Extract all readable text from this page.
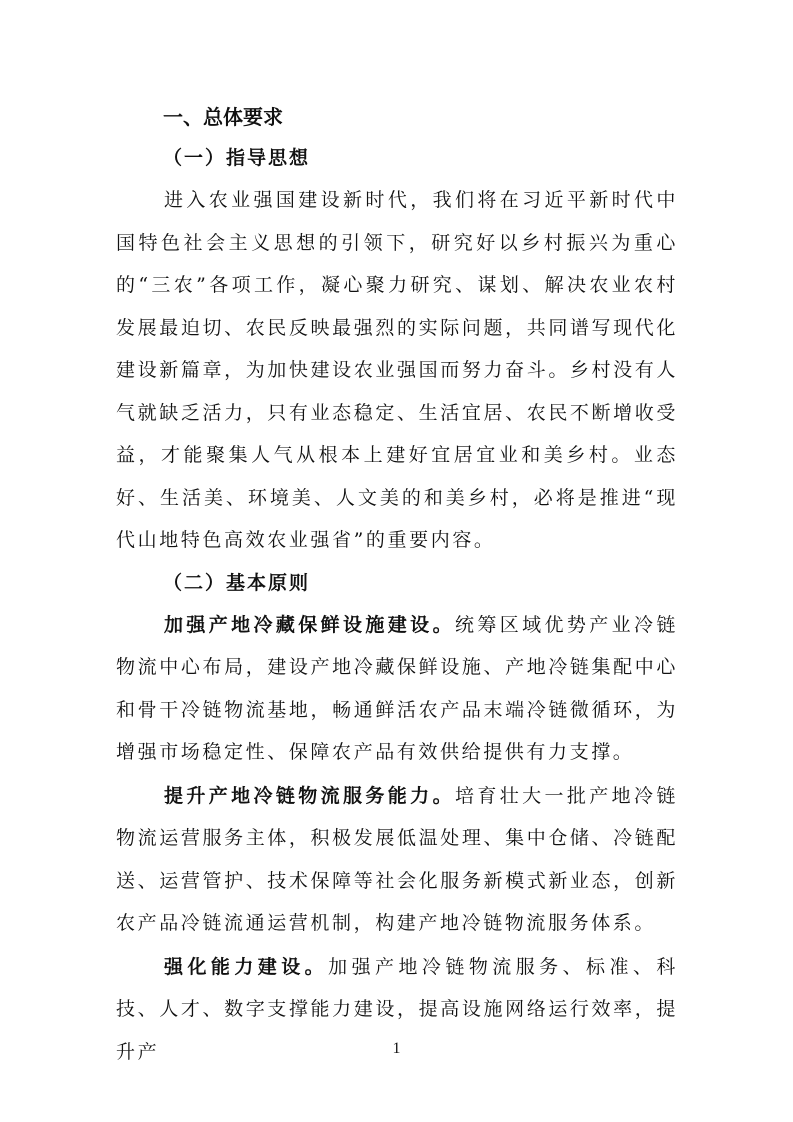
一、总体要求
（一）指导思想

进入农业强国建设新时代，我们将在习近平新时代中国特色社会主义思想的引领下，研究好以乡村振兴为重心的“三农”各项工作，凝心聚力研究、谋划、解决农业农村发展最迫切、农民反映最强烈的实际问题，共同谱写现代化建设新篇章，为加快建设农业强国而努力奋斗。乡村没有人气就缺乏活力，只有业态稳定、生活宜居、农民不断增收受益，才能聚集人气从根本上建好宜居宜业和美乡村。业态好、生活美、环境美、人文美的和美乡村，必将是推进“现代山地特色高效农业强省”的重要内容。

（二）基本原则

加强产地冷藏保鲜设施建设。统筹区域优势产业冷链物流中心布局，建设产地冷藏保鲜设施、产地冷链集配中心和骨干冷链物流基地，畅通鲜活农产品末端冷链微循环，为增强市场稳定性、保障农产品有效供给提供有力支撑。

提升产地冷链物流服务能力。培育壮大一批产地冷链物流运营服务主体，积极发展低温处理、集中仓储、冷链配送、运营管护、技术保障等社会化服务新模式新业态，创新农产品冷链流通运营机制，构建产地冷链物流服务体系。

强化能力建设。加强产地冷链物流服务、标准、科技、人才、数字支撑能力建设，提高设施网络运行效率，提升产	1
